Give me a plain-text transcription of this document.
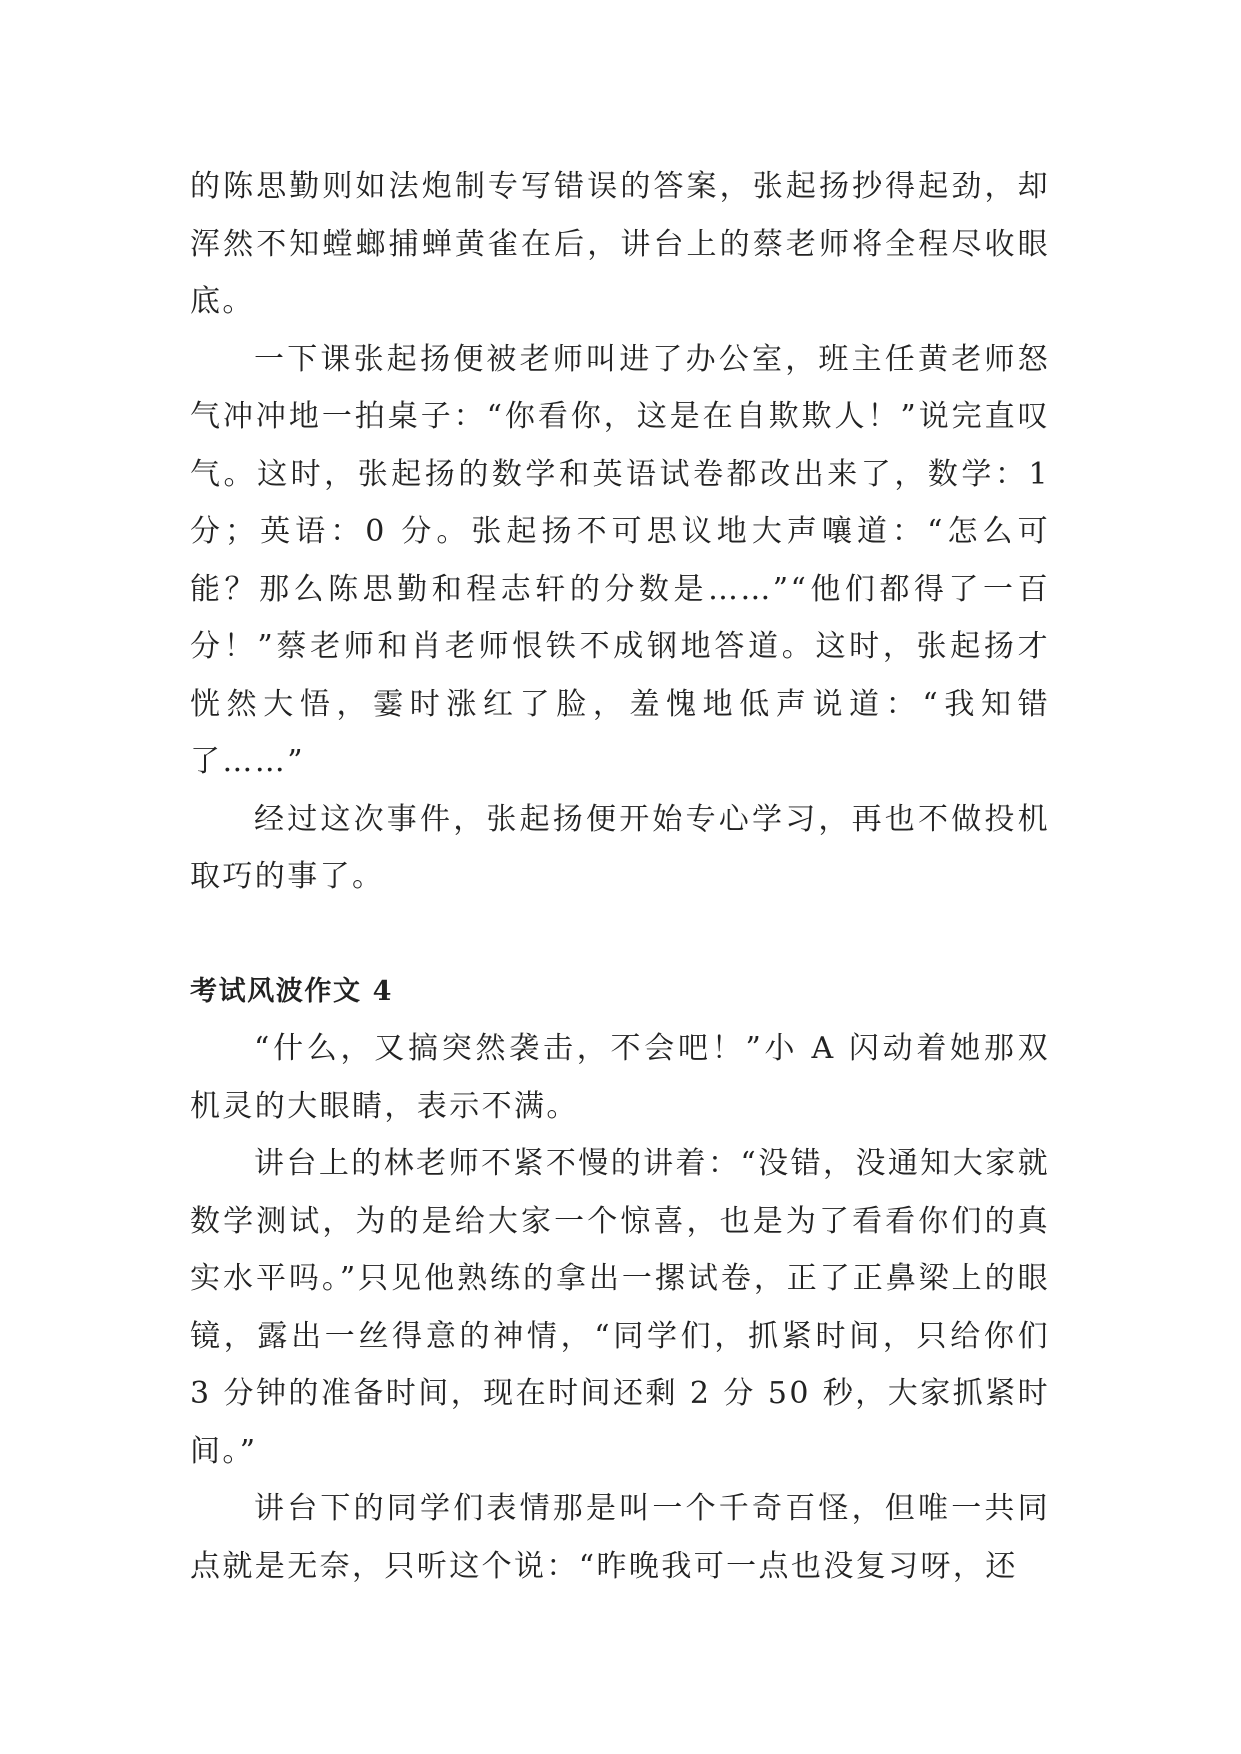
的陈思勤则如法炮制专写错误的答案，张起扬抄得起劲，却浑然不知螳螂捕蝉黄雀在后，讲台上的蔡老师将全程尽收眼底。

一下课张起扬便被老师叫进了办公室，班主任黄老师怒气冲冲地一拍桌子：“你看你，这是在自欺欺人！”说完直叹气。这时，张起扬的数学和英语试卷都改出来了，数学：1 分；英语：0 分。张起扬不可思议地大声嚷道：“怎么可能？那么陈思勤和程志轩的分数是……”“他们都得了一百分！”蔡老师和肖老师恨铁不成钢地答道。这时，张起扬才恍然大悟，霎时涨红了脸，羞愧地低声说道：“我知错了……”

经过这次事件，张起扬便开始专心学习，再也不做投机取巧的事了。

考试风波作文 4

“什么，又搞突然袭击，不会吧！”小 A 闪动着她那双机灵的大眼睛，表示不满。

讲台上的林老师不紧不慢的讲着：“没错，没通知大家就数学测试，为的是给大家一个惊喜，也是为了看看你们的真实水平吗。”只见他熟练的拿出一摞试卷，正了正鼻梁上的眼镜，露出一丝得意的神情，“同学们，抓紧时间，只给你们 3 分钟的准备时间，现在时间还剩 2 分 50 秒，大家抓紧时间。”

讲台下的同学们表情那是叫一个千奇百怪，但唯一共同点就是无奈，只听这个说：“昨晚我可一点也没复习呀，还
